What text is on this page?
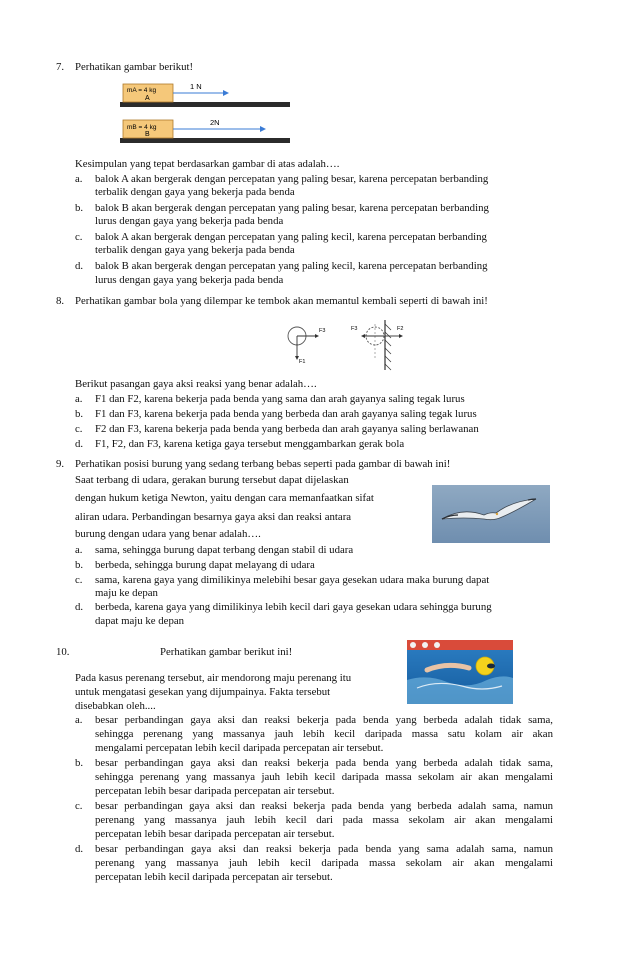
7. Perhatikan gambar berikut!
mA = 4 kg
A
1 N
mB = 4 kg
B
2N
Kesimpulan yang tepat berdasarkan gambar di atas adalah….
a. balok A akan bergerak dengan percepatan yang paling besar, karena percepatan berbanding
terbalik dengan gaya yang bekerja pada benda
b. balok B akan bergerak dengan percepatan yang paling besar, karena percepatan berbanding
lurus dengan gaya yang bekerja pada benda
c. balok A akan bergerak dengan percepatan yang paling kecil, karena percepatan berbanding
terbalik dengan gaya yang bekerja pada benda
d. balok B akan bergerak dengan percepatan yang paling kecil, karena percepatan berbanding
lurus dengan gaya yang bekerja pada benda
8. Perhatikan gambar bola yang dilempar ke tembok akan memantul kembali seperti di bawah ini!
F3
F1
F3	F2
Berikut pasangan gaya aksi reaksi yang benar adalah….
a. F1 dan F2, karena bekerja pada benda yang sama dan arah gayanya saling tegak lurus
b. F1 dan F3, karena bekerja pada benda yang berbeda dan arah gayanya saling tegak lurus
c. F2 dan F3, karena bekerja pada benda yang berbeda dan arah gayanya saling berlawanan
d. F1, F2, dan F3, karena ketiga gaya tersebut menggambarkan gerak bola
9. Perhatikan posisi burung yang sedang terbang bebas seperti pada gambar di bawah ini!
Saat terbang di udara, gerakan burung tersebut dapat dijelaskan
dengan hukum ketiga Newton, yaitu dengan cara memanfaatkan sifat
aliran udara. Perbandingan besarnya gaya aksi dan reaksi antara
burung dengan udara yang benar adalah….
a. sama, sehingga burung dapat terbang dengan stabil di udara
b. berbeda, sehingga burung dapat melayang di udara
c. sama, karena gaya yang dimilikinya melebihi besar gaya gesekan udara maka burung dapat
maju ke depan
d. berbeda, karena gaya yang dimilikinya lebih kecil dari gaya gesekan udara sehingga burung
dapat maju ke depan
10.	Perhatikan gambar berikut ini!
Pada kasus perenang tersebut, air mendorong maju perenang itu
untuk mengatasi gesekan yang dijumpainya. Fakta tersebut
disebabkan oleh....
a. besar perbandingan gaya aksi dan reaksi bekerja pada benda yang berbeda adalah tidak sama,
sehingga perenang yang massanya jauh lebih kecil daripada massa satu kolam air akan
mengalami percepatan lebih kecil daripada percepatan air tersebut.
b. besar perbandingan gaya aksi dan reaksi bekerja pada benda yang berbeda adalah tidak sama,
sehingga perenang yang massanya jauh lebih kecil daripada massa sekolam air akan mengalami
percepatan lebih besar daripada percepatan air tersebut.
c. besar perbandingan gaya aksi dan reaksi bekerja pada benda yang berbeda adalah sama, namun
perenang yang massanya jauh lebih kecil dari pada massa sekolam air akan mengalami
percepatan lebih besar daripada percepatan air tersebut.
d. besar perbandingan gaya aksi dan reaksi bekerja pada benda yang sama adalah sama, namun
perenang yang massanya jauh lebih kecil daripada massa sekolam air akan mengalami
percepatan lebih kecil daripada percepatan air tersebut.
